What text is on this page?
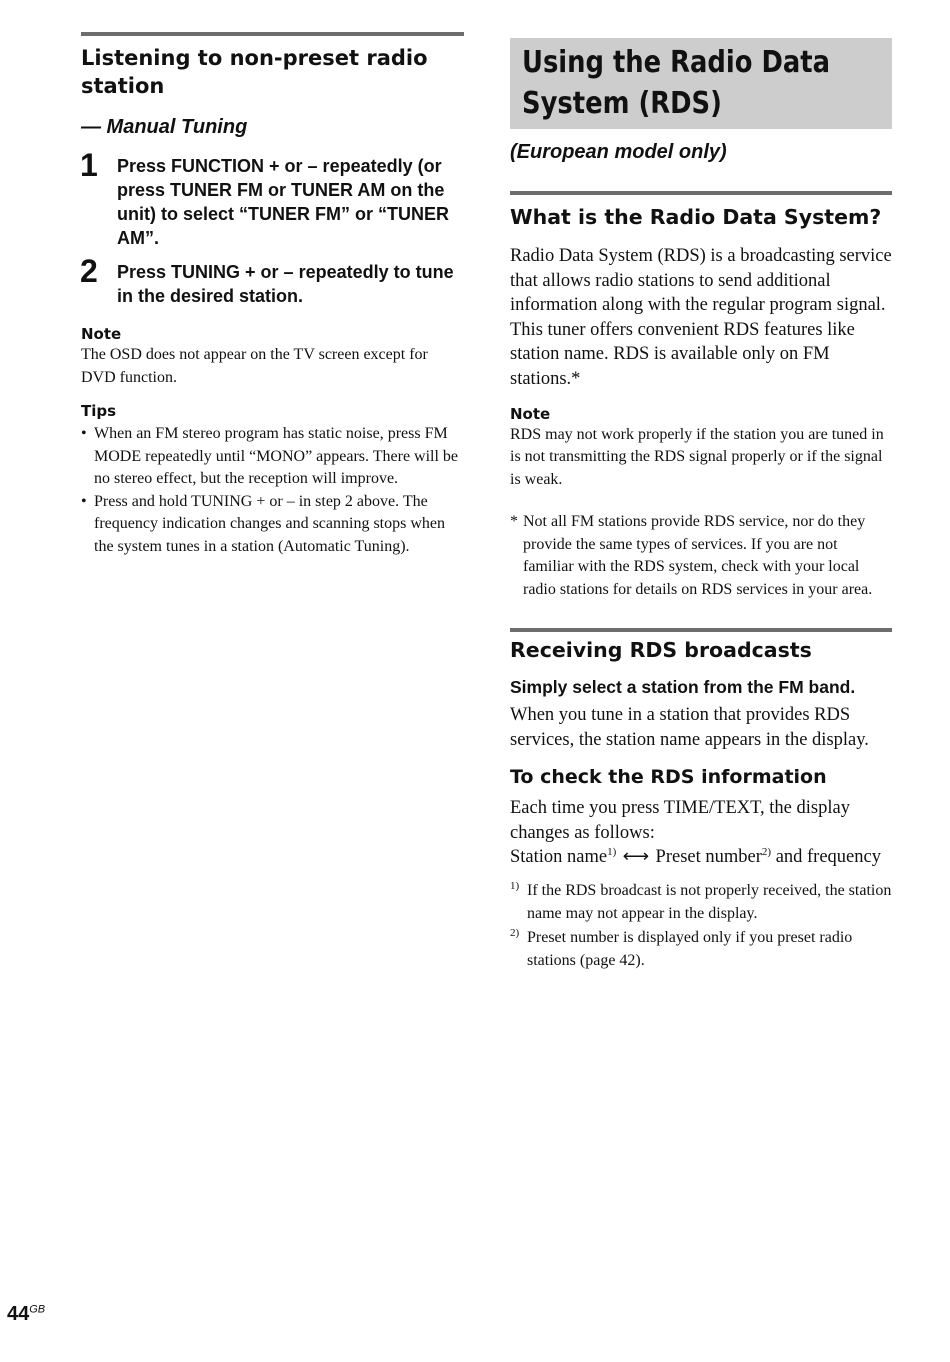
Listening to non-preset radio station
— Manual Tuning
1 Press FUNCTION + or – repeatedly (or press TUNER FM or TUNER AM on the unit) to select “TUNER FM” or “TUNER AM”.
2 Press TUNING + or – repeatedly to tune in the desired station.
Note
The OSD does not appear on the TV screen except for DVD function.
Tips
• When an FM stereo program has static noise, press FM MODE repeatedly until “MONO” appears. There will be no stereo effect, but the reception will improve.
• Press and hold TUNING + or – in step 2 above. The frequency indication changes and scanning stops when the system tunes in a station (Automatic Tuning).
Using the Radio Data System (RDS)
(European model only)
What is the Radio Data System?
Radio Data System (RDS) is a broadcasting service that allows radio stations to send additional information along with the regular program signal. This tuner offers convenient RDS features like station name. RDS is available only on FM stations.*
Note
RDS may not work properly if the station you are tuned in is not transmitting the RDS signal properly or if the signal is weak.
* Not all FM stations provide RDS service, nor do they provide the same types of services. If you are not familiar with the RDS system, check with your local radio stations for details on RDS services in your area.
Receiving RDS broadcasts
Simply select a station from the FM band.
When you tune in a station that provides RDS services, the station name appears in the display.
To check the RDS information
Each time you press TIME/TEXT, the display changes as follows:
Station name$^{1)}$ ⟷ Preset number$^{2)}$ and frequency
1) If the RDS broadcast is not properly received, the station name may not appear in the display.
2) Preset number is displayed only if you preset radio stations (page 42).
$44^{GB}$
